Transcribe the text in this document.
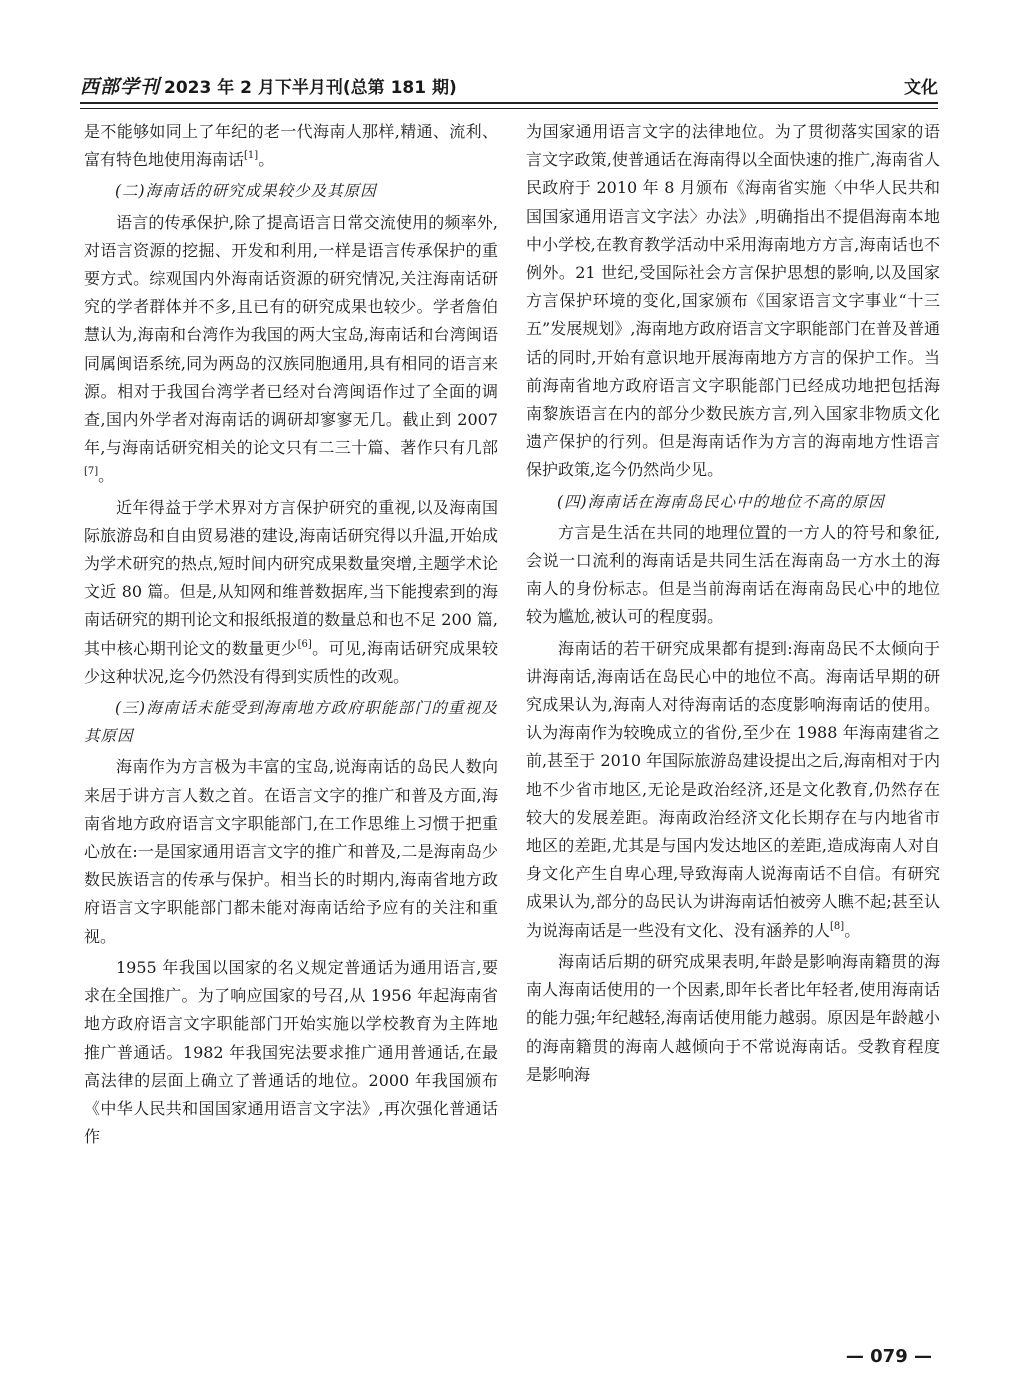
西部学刊 2023 年 2 月下半月刊(总第 181 期)	文化

是不能够如同上了年纪的老一代海南人那样,精通、流利、富有特色地使用海南话[1]。

(二)海南话的研究成果较少及其原因

语言的传承保护,除了提高语言日常交流使用的频率外,对语言资源的挖掘、开发和利用,一样是语言传承保护的重要方式。综观国内外海南话资源的研究情况,关注海南话研究的学者群体并不多,且已有的研究成果也较少。学者詹伯慧认为,海南和台湾作为我国的两大宝岛,海南话和台湾闽语同属闽语系统,同为两岛的汉族同胞通用,具有相同的语言来源。相对于我国台湾学者已经对台湾闽语作过了全面的调查,国内外学者对海南话的调研却寥寥无几。截止到 2007 年,与海南话研究相关的论文只有二三十篇、著作只有几部[7]。

近年得益于学术界对方言保护研究的重视,以及海南国际旅游岛和自由贸易港的建设,海南话研究得以升温,开始成为学术研究的热点,短时间内研究成果数量突增,主题学术论文近 80 篇。但是,从知网和维普数据库,当下能搜索到的海南话研究的期刊论文和报纸报道的数量总和也不足 200 篇,其中核心期刊论文的数量更少[6]。可见,海南话研究成果较少这种状况,迄今仍然没有得到实质性的改观。

(三)海南话未能受到海南地方政府职能部门的重视及其原因

海南作为方言极为丰富的宝岛,说海南话的岛民人数向来居于讲方言人数之首。在语言文字的推广和普及方面,海南省地方政府语言文字职能部门,在工作思维上习惯于把重心放在:一是国家通用语言文字的推广和普及,二是海南岛少数民族语言的传承与保护。相当长的时期内,海南省地方政府语言文字职能部门都未能对海南话给予应有的关注和重视。

1955 年我国以国家的名义规定普通话为通用语言,要求在全国推广。为了响应国家的号召,从 1956 年起海南省地方政府语言文字职能部门开始实施以学校教育为主阵地推广普通话。1982 年我国宪法要求推广通用普通话,在最高法律的层面上确立了普通话的地位。2000 年我国颁布《中华人民共和国国家通用语言文字法》,再次强化普通话作

为国家通用语言文字的法律地位。为了贯彻落实国家的语言文字政策,使普通话在海南得以全面快速的推广,海南省人民政府于 2010 年 8 月颁布《海南省实施〈中华人民共和国国家通用语言文字法〉办法》,明确指出不提倡海南本地中小学校,在教育教学活动中采用海南地方方言,海南话也不例外。21 世纪,受国际社会方言保护思想的影响,以及国家方言保护环境的变化,国家颁布《国家语言文字事业“十三五”发展规划》,海南地方政府语言文字职能部门在普及普通话的同时,开始有意识地开展海南地方方言的保护工作。当前海南省地方政府语言文字职能部门已经成功地把包括海南黎族语言在内的部分少数民族方言,列入国家非物质文化遗产保护的行列。但是海南话作为方言的海南地方性语言保护政策,迄今仍然尚少见。

(四)海南话在海南岛民心中的地位不高的原因

方言是生活在共同的地理位置的一方人的符号和象征,会说一口流利的海南话是共同生活在海南岛一方水土的海南人的身份标志。但是当前海南话在海南岛民心中的地位较为尴尬,被认可的程度弱。

海南话的若干研究成果都有提到:海南岛民不太倾向于讲海南话,海南话在岛民心中的地位不高。海南话早期的研究成果认为,海南人对待海南话的态度影响海南话的使用。认为海南作为较晚成立的省份,至少在 1988 年海南建省之前,甚至于 2010 年国际旅游岛建设提出之后,海南相对于内地不少省市地区,无论是政治经济,还是文化教育,仍然存在较大的发展差距。海南政治经济文化长期存在与内地省市地区的差距,尤其是与国内发达地区的差距,造成海南人对自身文化产生自卑心理,导致海南人说海南话不自信。有研究成果认为,部分的岛民认为讲海南话怕被旁人瞧不起;甚至认为说海南话是一些没有文化、没有涵养的人[8]。

海南话后期的研究成果表明,年龄是影响海南籍贯的海南人海南话使用的一个因素,即年长者比年轻者,使用海南话的能力强;年纪越轻,海南话使用能力越弱。原因是年龄越小的海南籍贯的海南人越倾向于不常说海南话。受教育程度是影响海

— 079 —
